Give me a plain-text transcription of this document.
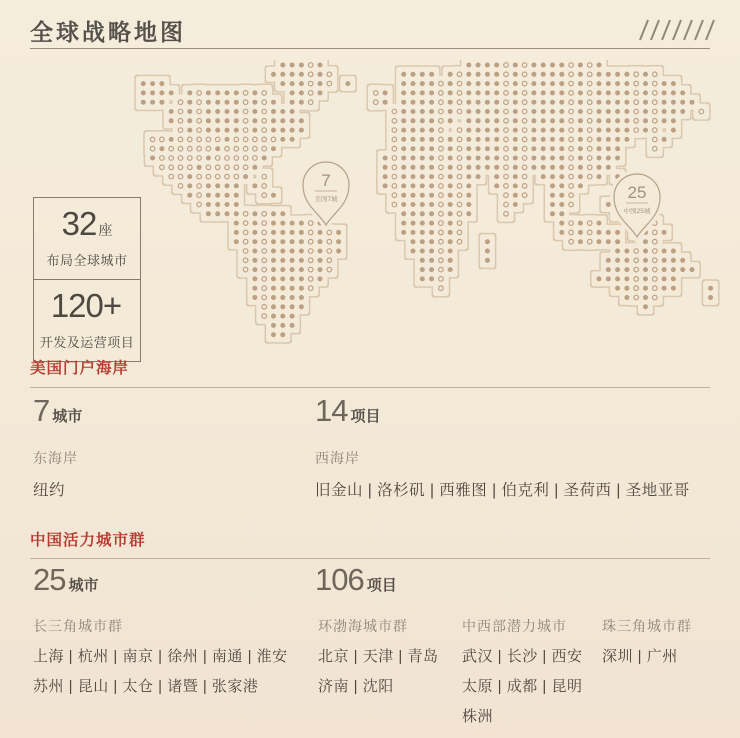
全球战略地图
7
美国7城	25
中国25城
32 座
布局全球城市
120+
开发及运营项目
美国门户海岸
7 城市	14 项目
东海岸
纽约
西海岸
旧金山 | 洛杉矶 | 西雅图 | 伯克利 | 圣荷西 | 圣地亚哥
中国活力城市群
25 城市	106 项目
长三角城市群
上海 | 杭州 | 南京 | 徐州 | 南通 | 淮安
苏州 | 昆山 | 太仓 | 诸暨 | 张家港
环渤海城市群
北京 | 天津 | 青岛
济南 | 沈阳
中西部潜力城市
武汉 | 长沙 | 西安
太原 | 成都 | 昆明
株洲
珠三角城市群
深圳 | 广州
